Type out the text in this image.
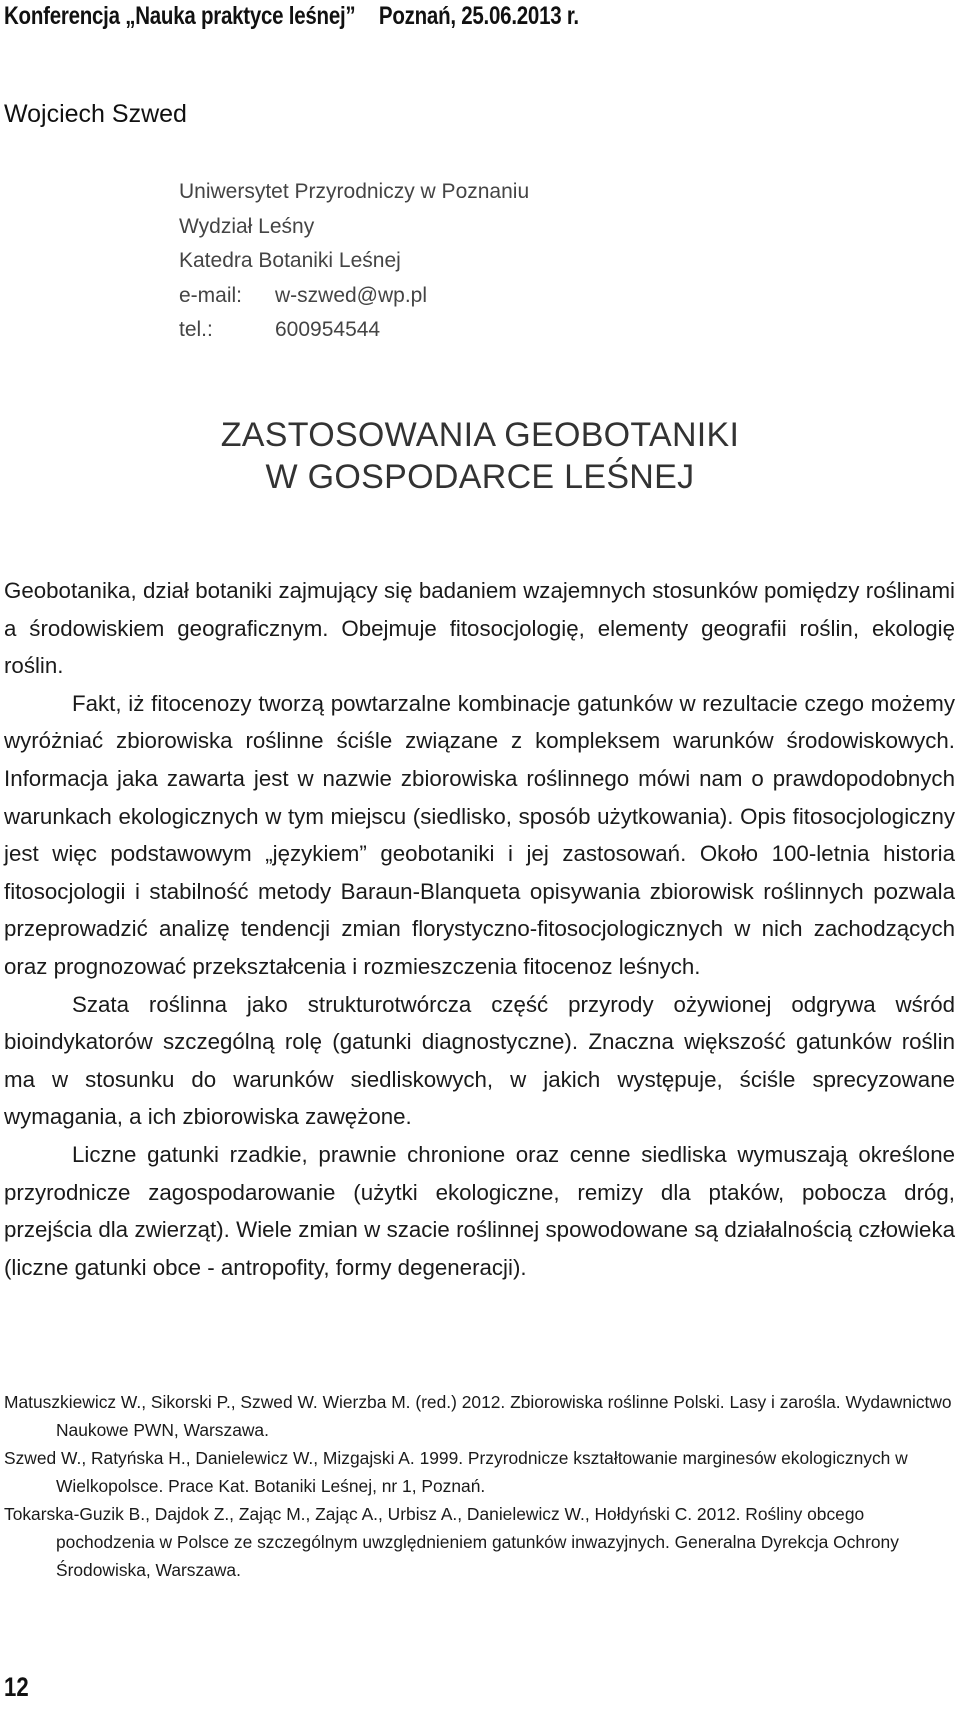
Konferencja „Nauka praktyce leśnej” Poznań, 25.06.2013 r.
Wojciech Szwed
Uniwersytet Przyrodniczy w Poznaniu
Wydział Leśny
Katedra Botaniki Leśnej
e-mail: w-szwed@wp.pl
tel.:	600954544
ZASTOSOWANIA GEOBOTANIKI
W GOSPODARCE LEŚNEJ

Geobotanika, dział botaniki zajmujący się badaniem wzajemnych stosunków pomiędzy roślinami a środowiskiem geograficznym. Obejmuje fitosocjologię, elementy geografii roślin, ekologię roślin.

Fakt, iż fitocenozy tworzą powtarzalne kombinacje gatunków w rezultacie czego możemy wyróżniać zbiorowiska roślinne ściśle związane z kompleksem warunków środowiskowych. Informacja jaka zawarta jest w nazwie zbiorowiska roślinnego mówi nam o prawdopodobnych warunkach ekologicznych w tym miejscu (siedlisko, sposób użytkowania). Opis fitosocjologiczny jest więc podstawowym „językiem” geobotaniki i jej zastosowań. Około 100-letnia historia fitosocjologii i stabilność metody Baraun-Blanqueta opisywania zbiorowisk roślinnych pozwala przeprowadzić analizę tendencji zmian florystyczno-fitosocjologicznych w nich zachodzących oraz prognozować przekształcenia i rozmieszczenia fitocenoz leśnych.

Szata roślinna jako strukturotwórcza część przyrody ożywionej odgrywa wśród bioindykatorów szczególną rolę (gatunki diagnostyczne). Znaczna większość gatunków roślin ma w stosunku do warunków siedliskowych, w jakich występuje, ściśle sprecyzowane wymagania, a ich zbiorowiska zawężone.

Liczne gatunki rzadkie, prawnie chronione oraz cenne siedliska wymuszają określone przyrodnicze zagospodarowanie (użytki ekologiczne, remizy dla ptaków, pobocza dróg, przejścia dla zwierząt). Wiele zmian w szacie roślinnej spowodowane są działalnością człowieka (liczne gatunki obce - antropofity, formy degeneracji).

Matuszkiewicz W., Sikorski P., Szwed W. Wierzba M. (red.) 2012. Zbiorowiska roślinne Polski. Lasy i zarośla. Wydawnictwo Naukowe PWN, Warszawa.

Szwed W., Ratyńska H., Danielewicz W., Mizgajski A. 1999. Przyrodnicze kształtowanie marginesów ekologicznych w Wielkopolsce. Prace Kat. Botaniki Leśnej, nr 1, Poznań.

Tokarska-Guzik B., Dajdok Z., Zając M., Zając A., Urbisz A., Danielewicz W., Hołdyński C. 2012. Rośliny obcego pochodzenia w Polsce ze szczególnym uwzględnieniem gatunków inwazyjnych. Generalna Dyrekcja Ochrony Środowiska, Warszawa.

12
